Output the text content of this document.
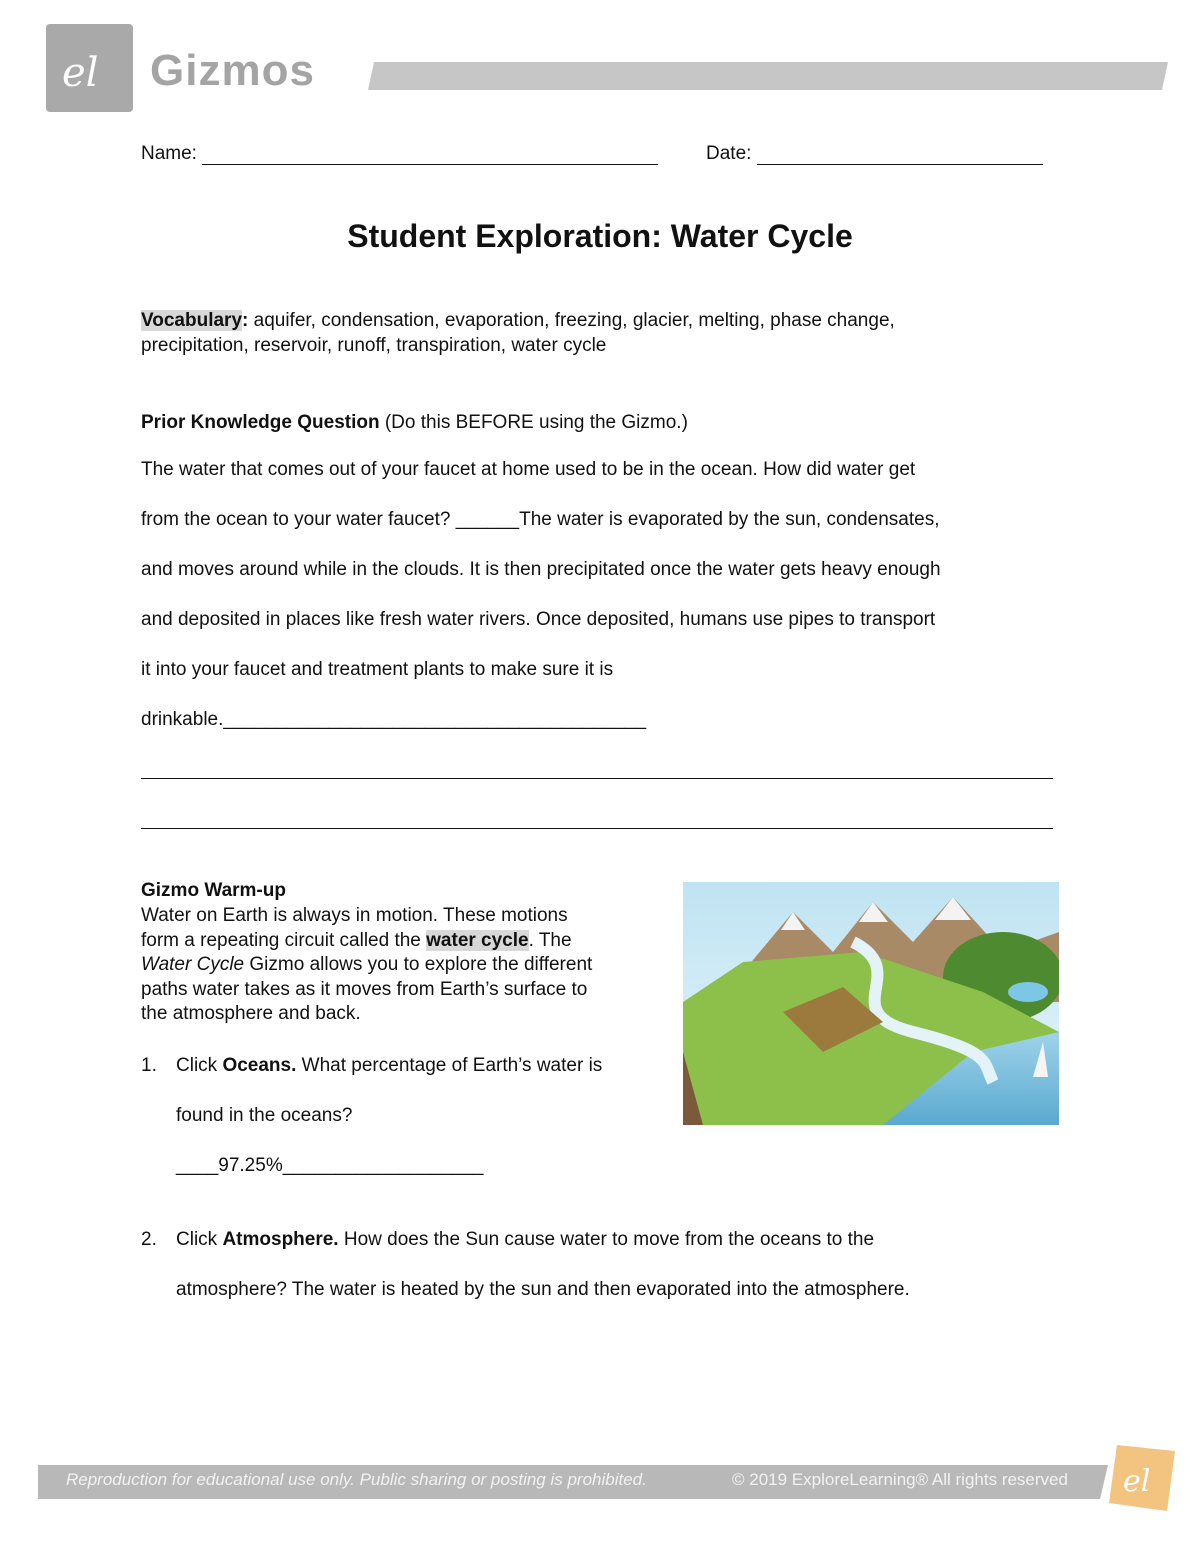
el Gizmos
Name:	Date:
Student Exploration: Water Cycle
Vocabulary: aquifer, condensation, evaporation, freezing, glacier, melting, phase change,
precipitation, reservoir, runoff, transpiration, water cycle
Prior Knowledge Question (Do this BEFORE using the Gizmo.)
The water that comes out of your faucet at home used to be in the ocean. How did water get
from the ocean to your water faucet? ______The water is evaporated by the sun, condensates,
and moves around while in the clouds. It is then precipitated once the water gets heavy enough
and deposited in places like fresh water rivers. Once deposited, humans use pipes to transport
it into your faucet and treatment plants to make sure it is
drinkable.________________________________________
Gizmo Warm-up
Water on Earth is always in motion. These motions
form a repeating circuit called the water cycle. The
Water Cycle Gizmo allows you to explore the different
paths water takes as it moves from Earth’s surface to
the atmosphere and back.
1. Click Oceans. What percentage of Earth’s water is
found in the oceans?
____97.25%___________________
2. Click Atmosphere. How does the Sun cause water to move from the oceans to the
atmosphere? The water is heated by the sun and then evaporated into the atmosphere.
Reproduction for educational use only. Public sharing or posting is prohibited.	© 2019 ExploreLearning® All rights reserved el
